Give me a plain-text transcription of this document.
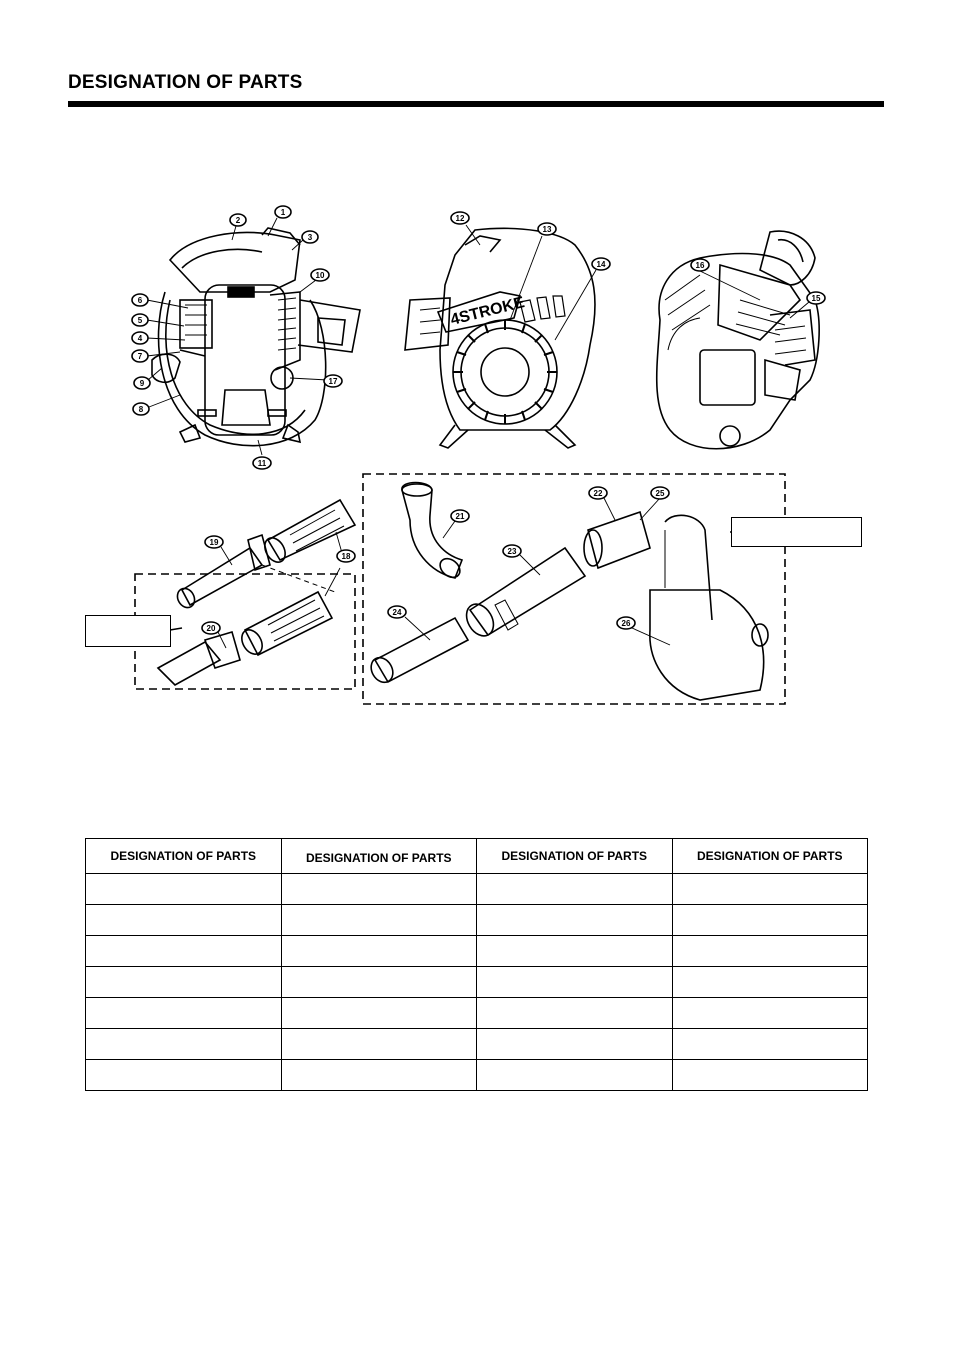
DESIGNATION OF PARTS
4STROKE
1
2
3
10
6
5
4
7
9
8
17
11
12
13
14	16
15
19
18
20
21
23
24
22	25
26
DESIGNATION OF PARTS	DESIGNATION OF PARTS	DESIGNATION OF PARTS	DESIGNATION OF PARTS
